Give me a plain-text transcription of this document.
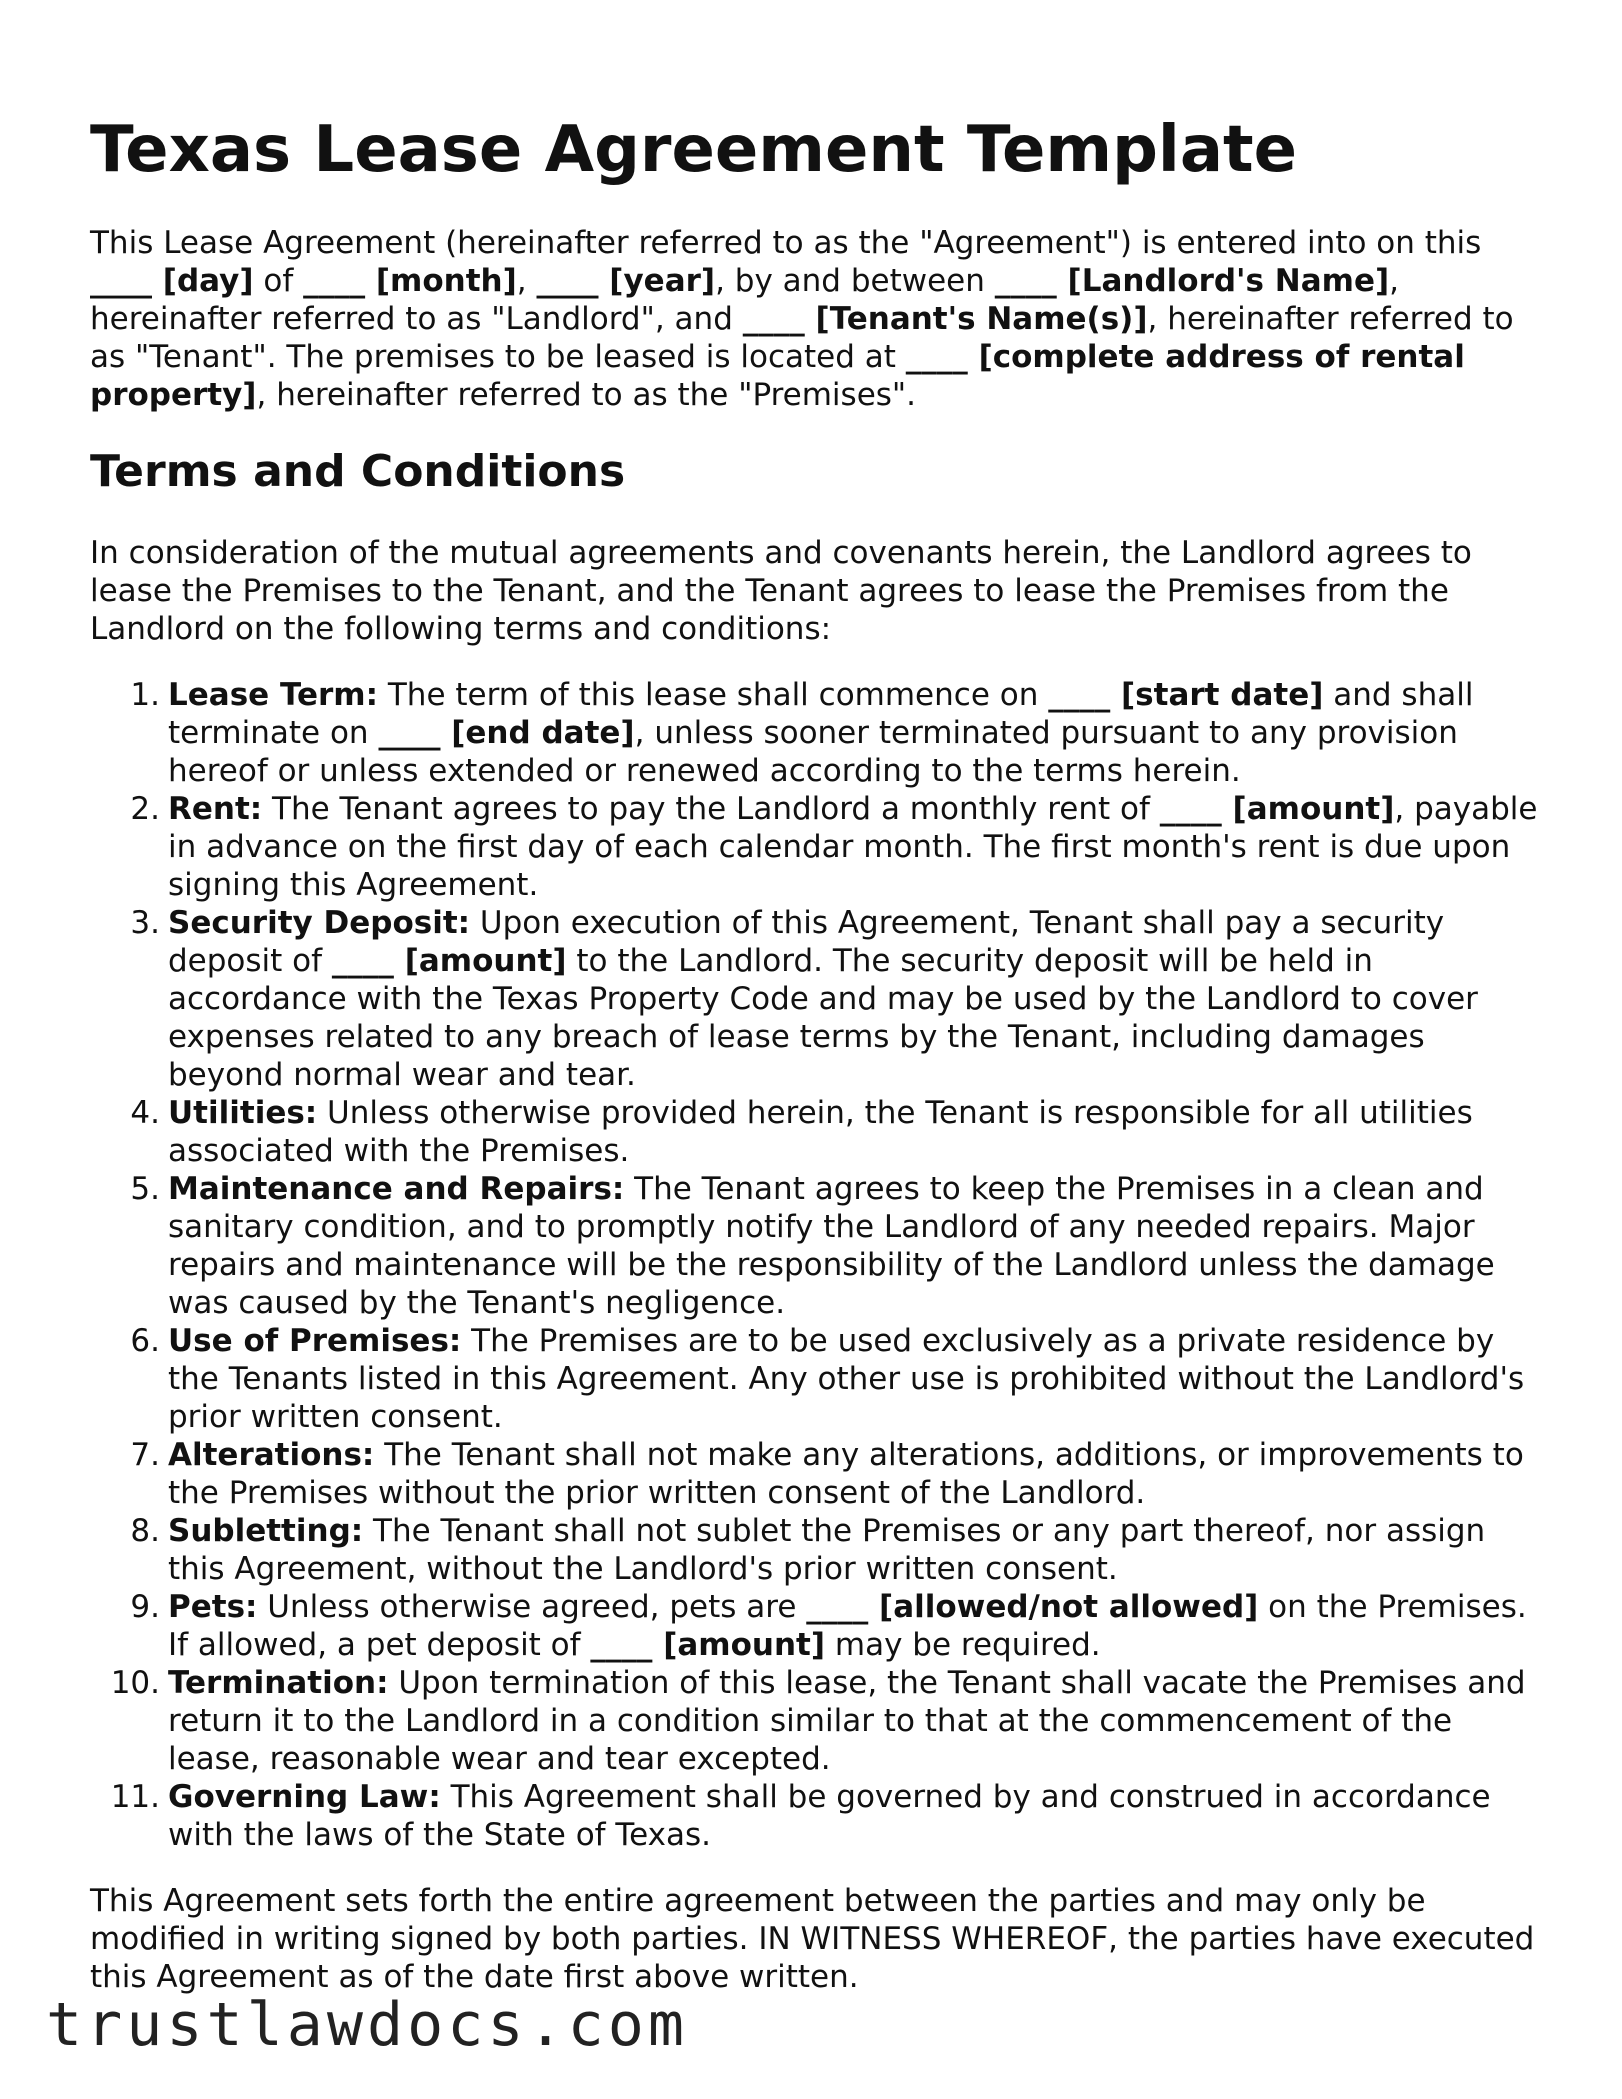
Texas Lease Agreement Template

This Lease Agreement (hereinafter referred to as the "Agreement") is entered into on this ____ [day] of ____ [month], ____ [year], by and between ____ [Landlord's Name], hereinafter referred to as "Landlord", and ____ [Tenant's Name(s)], hereinafter referred to as "Tenant". The premises to be leased is located at ____ [complete address of rental property], hereinafter referred to as the "Premises".

Terms and Conditions

In consideration of the mutual agreements and covenants herein, the Landlord agrees to lease the Premises to the Tenant, and the Tenant agrees to lease the Premises from the Landlord on the following terms and conditions:

1. Lease Term: The term of this lease shall commence on ____ [start date] and shall terminate on ____ [end date], unless sooner terminated pursuant to any provision hereof or unless extended or renewed according to the terms herein.
2. Rent: The Tenant agrees to pay the Landlord a monthly rent of ____ [amount], payable in advance on the first day of each calendar month. The first month's rent is due upon signing this Agreement.
3. Security Deposit: Upon execution of this Agreement, Tenant shall pay a security deposit of ____ [amount] to the Landlord. The security deposit will be held in accordance with the Texas Property Code and may be used by the Landlord to cover expenses related to any breach of lease terms by the Tenant, including damages beyond normal wear and tear.
4. Utilities: Unless otherwise provided herein, the Tenant is responsible for all utilities associated with the Premises.
5. Maintenance and Repairs: The Tenant agrees to keep the Premises in a clean and sanitary condition, and to promptly notify the Landlord of any needed repairs. Major repairs and maintenance will be the responsibility of the Landlord unless the damage was caused by the Tenant's negligence.
6. Use of Premises: The Premises are to be used exclusively as a private residence by the Tenants listed in this Agreement. Any other use is prohibited without the Landlord's prior written consent.
7. Alterations: The Tenant shall not make any alterations, additions, or improvements to the Premises without the prior written consent of the Landlord.
8. Subletting: The Tenant shall not sublet the Premises or any part thereof, nor assign this Agreement, without the Landlord's prior written consent.
9. Pets: Unless otherwise agreed, pets are ____ [allowed/not allowed] on the Premises. If allowed, a pet deposit of ____ [amount] may be required.
10. Termination: Upon termination of this lease, the Tenant shall vacate the Premises and return it to the Landlord in a condition similar to that at the commencement of the lease, reasonable wear and tear excepted.
11. Governing Law: This Agreement shall be governed by and construed in accordance with the laws of the State of Texas.

This Agreement sets forth the entire agreement between the parties and may only be modified in writing signed by both parties. IN WITNESS WHEREOF, the parties have executed this Agreement as of the date first above written.

trustlawdocs.com
